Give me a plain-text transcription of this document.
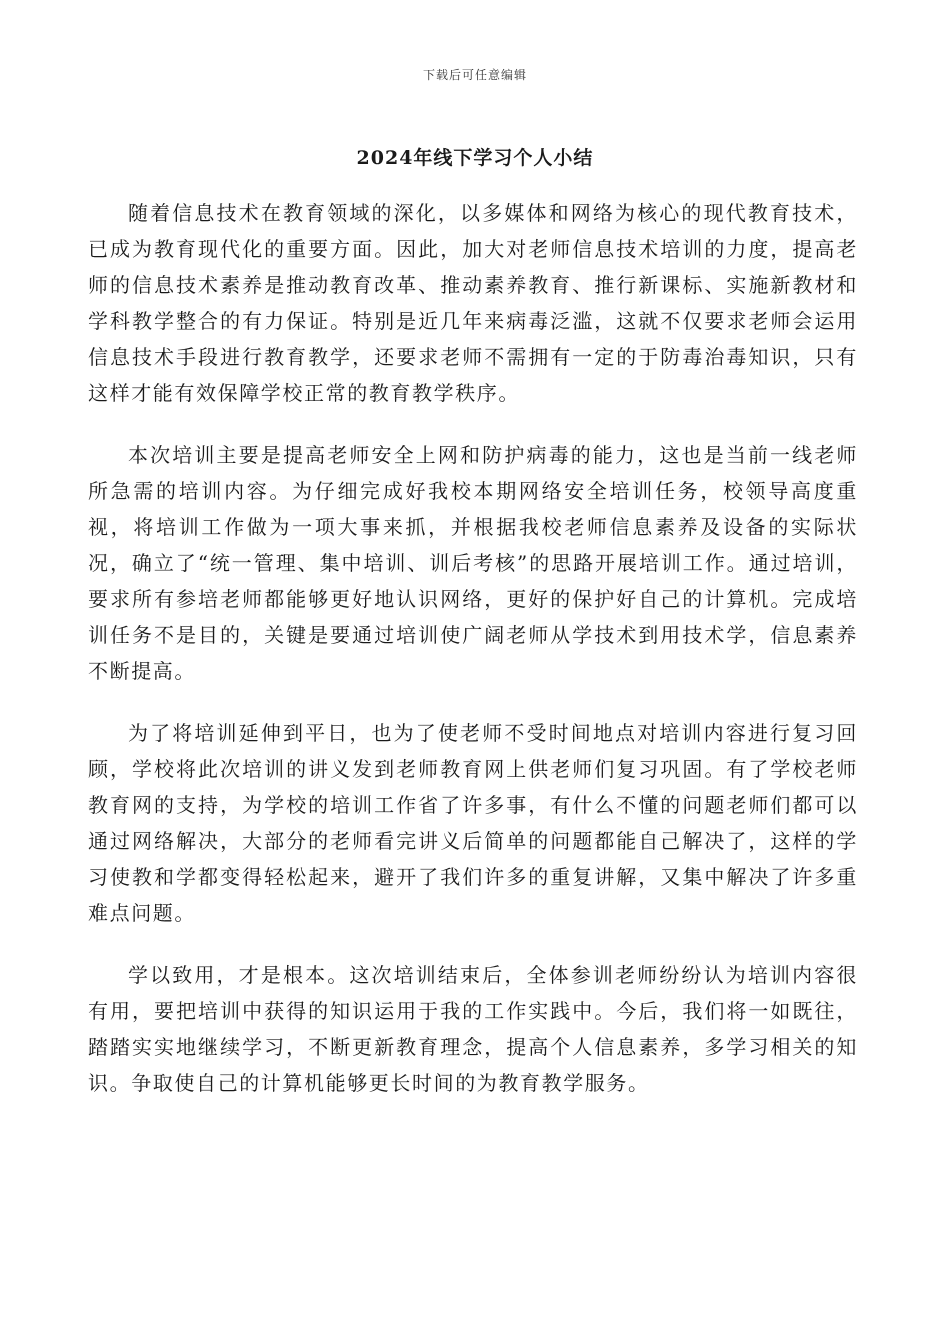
下载后可任意编辑
2024年线下学习个人小结

随着信息技术在教育领域的深化，以多媒体和网络为核心的现代教育技术，已成为教育现代化的重要方面。因此，加大对老师信息技术培训的力度，提高老师的信息技术素养是推动教育改革、推动素养教育、推行新课标、实施新教材和学科教学整合的有力保证。特别是近几年来病毒泛滥，这就不仅要求老师会运用信息技术手段进行教育教学，还要求老师不需拥有一定的于防毒治毒知识，只有这样才能有效保障学校正常的教育教学秩序。

本次培训主要是提高老师安全上网和防护病毒的能力，这也是当前一线老师所急需的培训内容。为仔细完成好我校本期网络安全培训任务，校领导高度重视，将培训工作做为一项大事来抓，并根据我校老师信息素养及设备的实际状况，确立了“统一管理、集中培训、训后考核”的思路开展培训工作。通过培训，要求所有参培老师都能够更好地认识网络，更好的保护好自己的计算机。完成培训任务不是目的，关键是要通过培训使广阔老师从学技术到用技术学，信息素养不断提高。

为了将培训延伸到平日，也为了使老师不受时间地点对培训内容进行复习回顾，学校将此次培训的讲义发到老师教育网上供老师们复习巩固。有了学校老师教育网的支持，为学校的培训工作省了许多事，有什么不懂的问题老师们都可以通过网络解决，大部分的老师看完讲义后简单的问题都能自己解决了，这样的学习使教和学都变得轻松起来，避开了我们许多的重复讲解，又集中解决了许多重难点问题。

学以致用，才是根本。这次培训结束后，全体参训老师纷纷认为培训内容很有用，要把培训中获得的知识运用于我的工作实践中。今后，我们将一如既往，踏踏实实地继续学习，不断更新教育理念，提高个人信息素养，多学习相关的知识。争取使自己的计算机能够更长时间的为教育教学服务。
